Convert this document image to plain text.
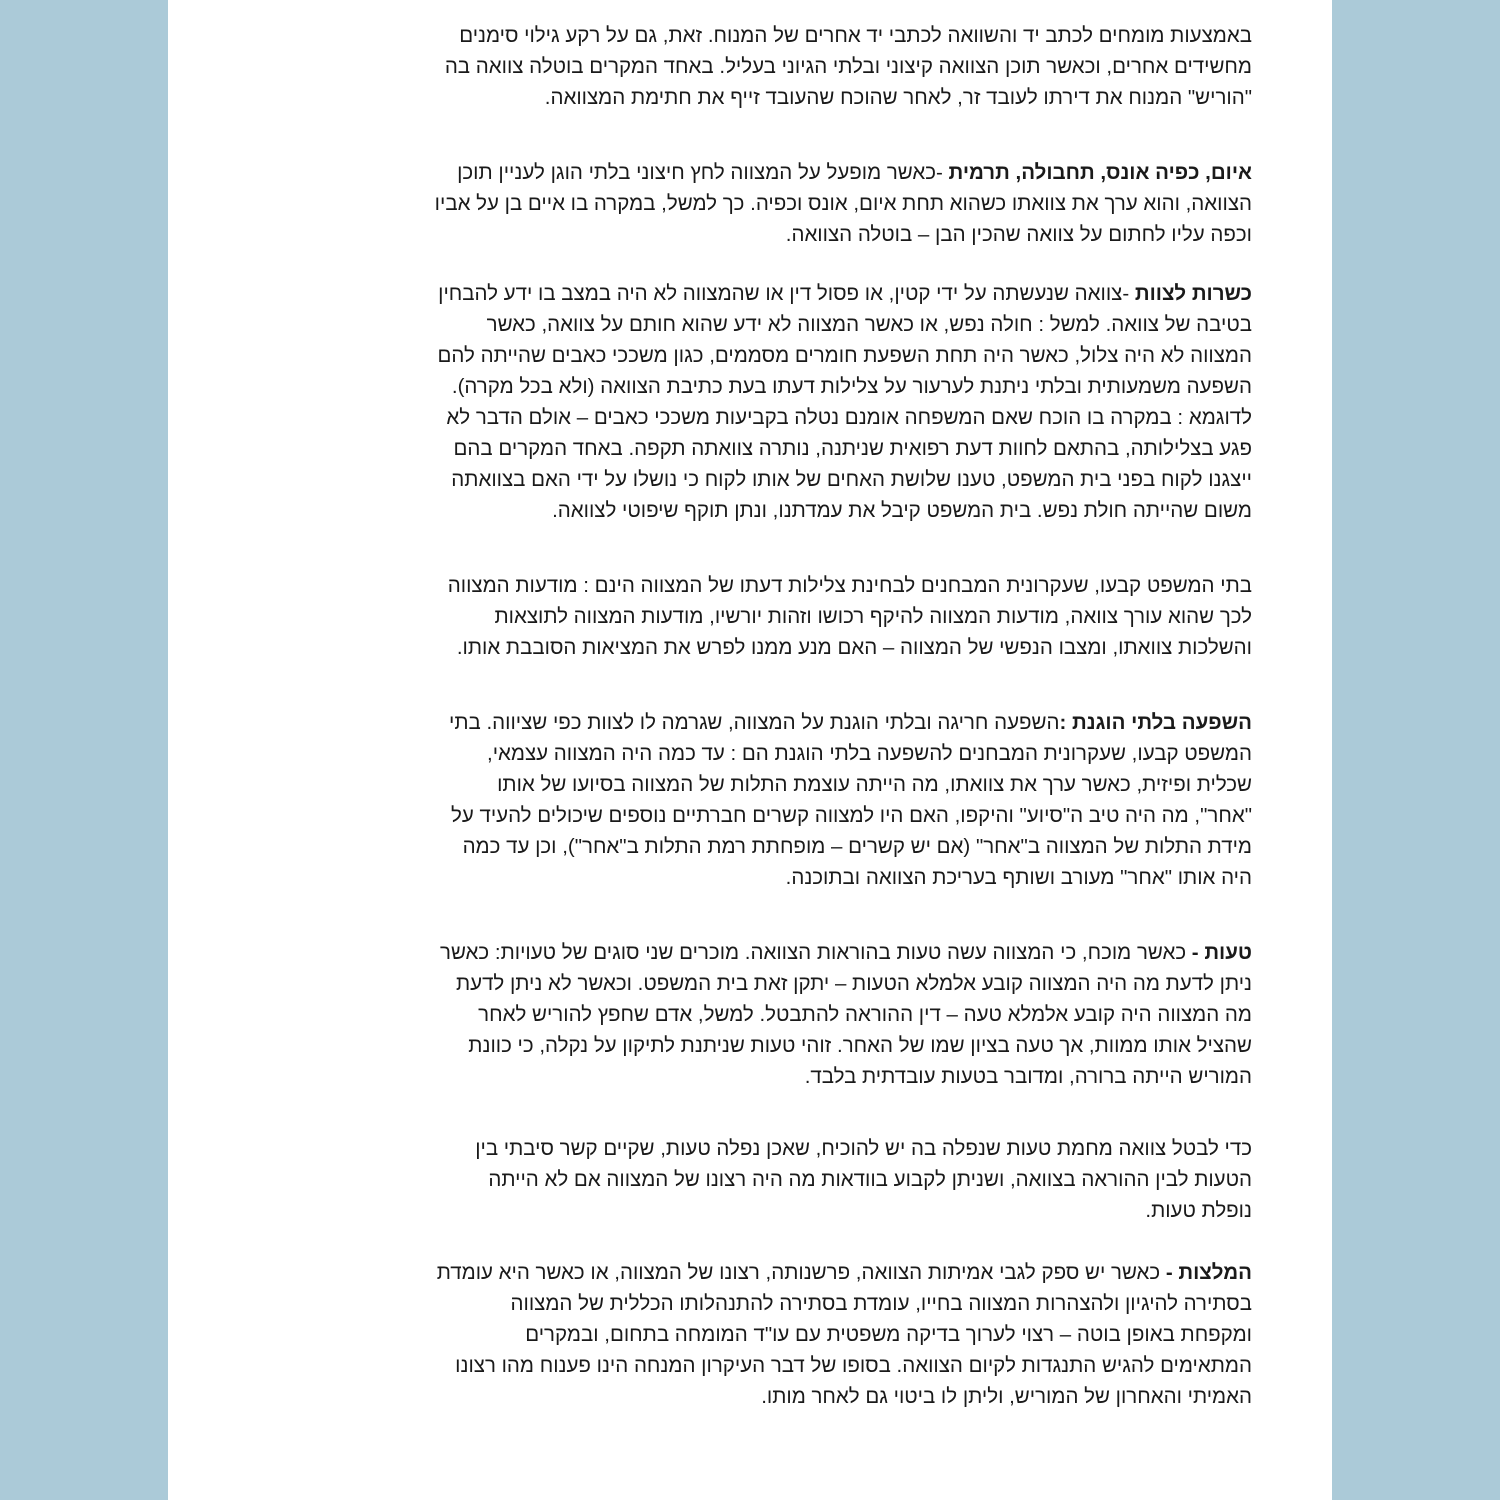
באמצעות מומחים לכתב יד והשוואה לכתבי יד אחרים של המנוח. זאת, גם על רקע גילוי סימנים
מחשידים אחרים, וכאשר תוכן הצוואה קיצוני ובלתי הגיוני בעליל. באחד המקרים בוטלה צוואה בה
"הוריש" המנוח את דירתו לעובד זר, לאחר שהוכח שהעובד זייף את חתימת המצוואה.
איום, כפיה אונס, תחבולה, תרמית -כאשר מופעל על המצווה לחץ חיצוני בלתי הוגן לעניין תוכן
הצוואה, והוא ערך את צוואתו כשהוא תחת איום, אונס וכפיה. כך למשל, במקרה בו איים בן על אביו
וכפה עליו לחתום על צוואה שהכין הבן – בוטלה הצוואה.
כשרות לצוות -צוואה שנעשתה על ידי קטין, או פסול דין או שהמצווה לא היה במצב בו ידע להבחין
בטיבה של צוואה. למשל : חולה נפש, או כאשר המצווה לא ידע שהוא חותם על צוואה, כאשר
המצווה לא היה צלול, כאשר היה תחת השפעת חומרים מסממים, כגון משככי כאבים שהייתה להם
השפעה משמעותית ובלתי ניתנת לערעור על צלילות דעתו בעת כתיבת הצוואה (ולא בכל מקרה).
לדוגמא : במקרה בו הוכח שאם המשפחה אומנם נטלה בקביעות משככי כאבים – אולם הדבר לא
פגע בצלילותה, בהתאם לחוות דעת רפואית שניתנה, נותרה צוואתה תקפה. באחד המקרים בהם
ייצגנו לקוח בפני בית המשפט, טענו שלושת האחים של אותו לקוח כי נושלו על ידי האם בצוואתה
משום שהייתה חולת נפש. בית המשפט קיבל את עמדתנו, ונתן תוקף שיפוטי לצוואה.
בתי המשפט קבעו, שעקרונית המבחנים לבחינת צלילות דעתו של המצווה הינם : מודעות המצווה
לכך שהוא עורך צוואה, מודעות המצווה להיקף רכושו וזהות יורשיו, מודעות המצווה לתוצאות
והשלכות צוואתו, ומצבו הנפשי של המצווה – האם מנע ממנו לפרש את המציאות הסובבת אותו.
השפעה בלתי הוגנת :השפעה חריגה ובלתי הוגנת על המצווה, שגרמה לו לצוות כפי שציווה. בתי
המשפט קבעו, שעקרונית המבחנים להשפעה בלתי הוגנת הם : עד כמה היה המצווה עצמאי,
שכלית ופיזית, כאשר ערך את צוואתו, מה הייתה עוצמת התלות של המצווה בסיועו של אותו
"אחר", מה היה טיב ה"סיוע" והיקפו, האם היו למצווה קשרים חברתיים נוספים שיכולים להעיד על
מידת התלות של המצווה ב"אחר" (אם יש קשרים – מופחתת רמת התלות ב"אחר"), וכן עד כמה
היה אותו "אחר" מעורב ושותף בעריכת הצוואה ובתוכנה.
טעות - כאשר מוכח, כי המצווה עשה טעות בהוראות הצוואה. מוכרים שני סוגים של טעויות: כאשר
ניתן לדעת מה היה המצווה קובע אלמלא הטעות – יתקן זאת בית המשפט. וכאשר לא ניתן לדעת
מה המצווה היה קובע אלמלא טעה – דין ההוראה להתבטל. למשל, אדם שחפץ להוריש לאחר
שהציל אותו ממוות, אך טעה בציון שמו של האחר. זוהי טעות שניתנת לתיקון על נקלה, כי כוונת
המוריש הייתה ברורה, ומדובר בטעות עובדתית בלבד.
כדי לבטל צוואה מחמת טעות שנפלה בה יש להוכיח, שאכן נפלה טעות, שקיים קשר סיבתי בין
הטעות לבין ההוראה בצוואה, ושניתן לקבוע בוודאות מה היה רצונו של המצווה אם לא הייתה
נופלת טעות.
המלצות - כאשר יש ספק לגבי אמיתות הצוואה, פרשנותה, רצונו של המצווה, או כאשר היא עומדת
בסתירה להיגיון ולהצהרות המצווה בחייו, עומדת בסתירה להתנהלותו הכללית של המצווה
ומקפחת באופן בוטה – רצוי לערוך בדיקה משפטית עם עו"ד המומחה בתחום, ובמקרים
המתאימים להגיש התנגדות לקיום הצוואה. בסופו של דבר העיקרון המנחה הינו פענוח מהו רצונו
האמיתי והאחרון של המוריש, וליתן לו ביטוי גם לאחר מותו.
